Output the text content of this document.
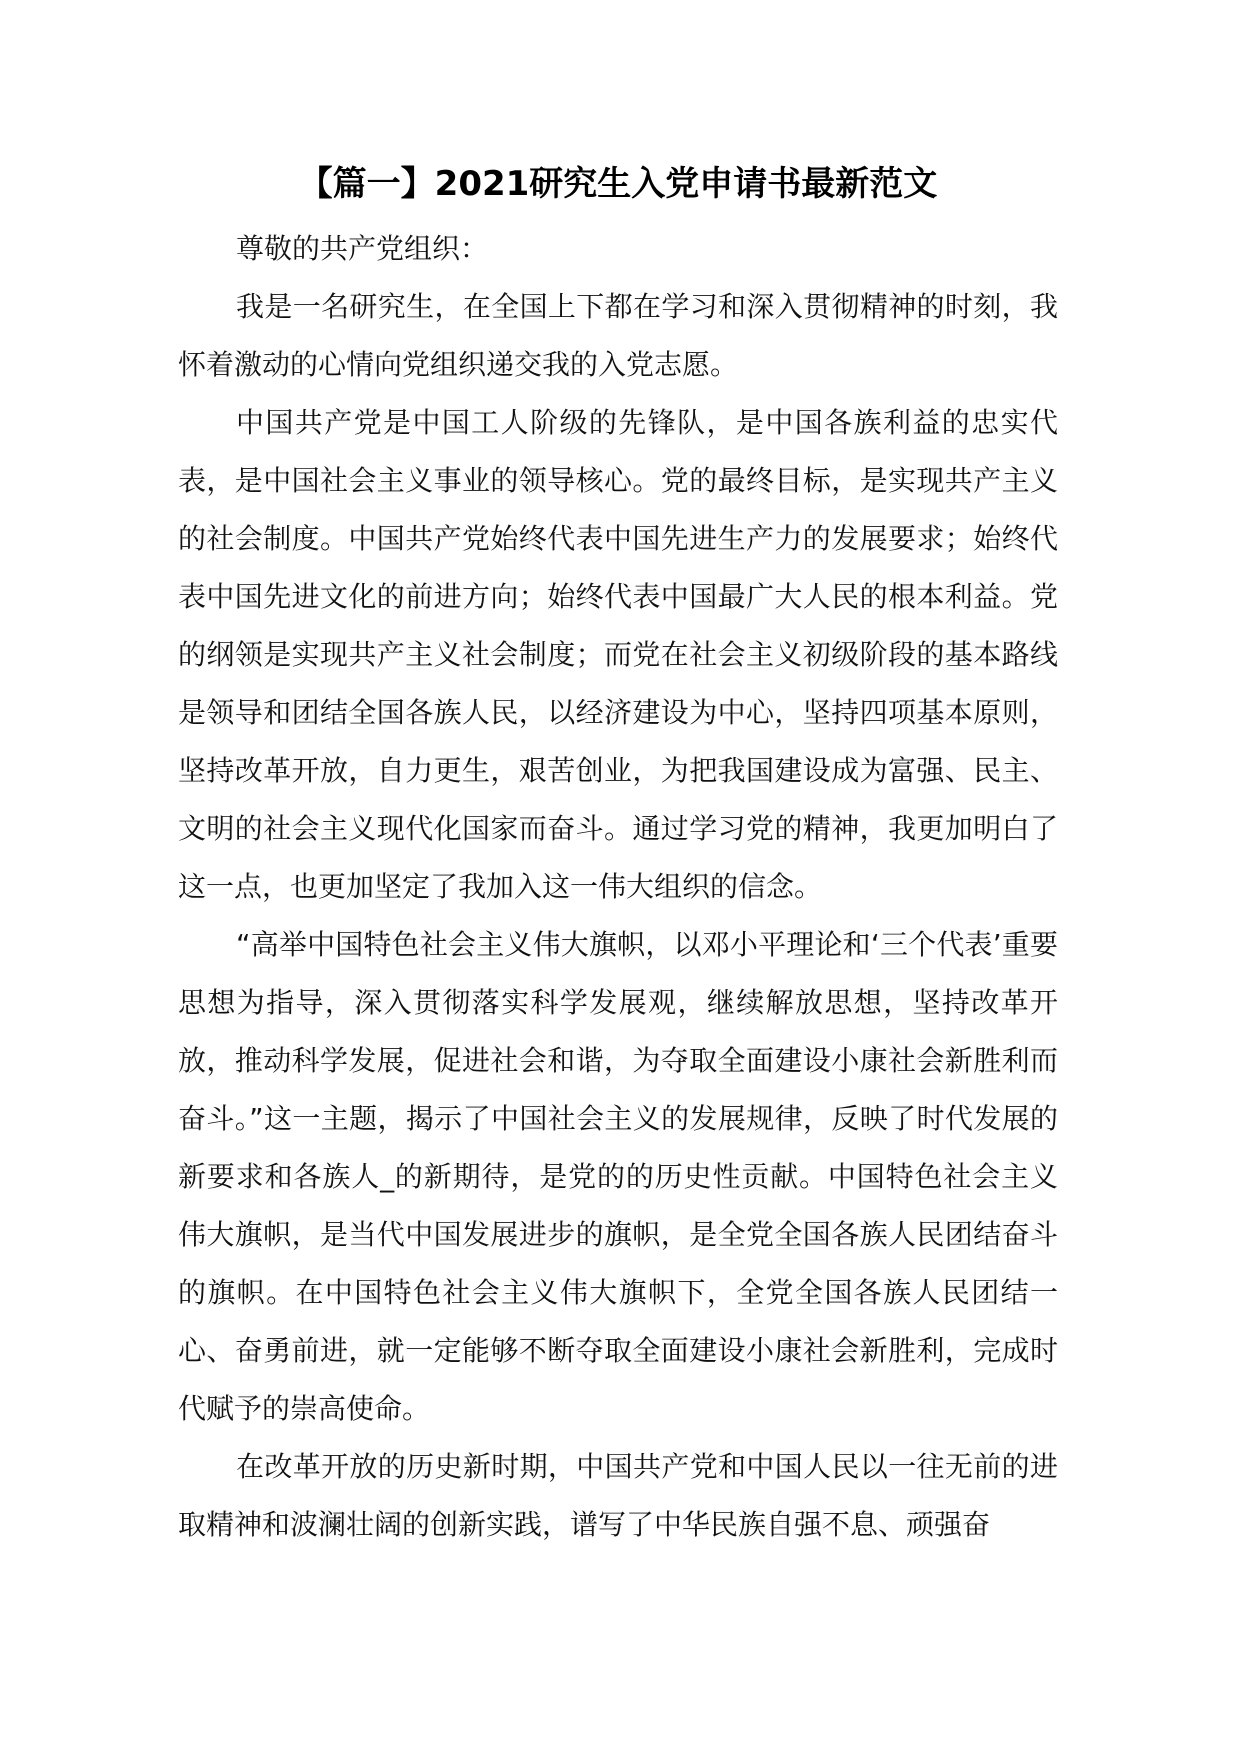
【篇一】2021研究生入党申请书最新范文

尊敬的共产党组织：

我是一名研究生，在全国上下都在学习和深入贯彻精神的时刻，我怀着激动的心情向党组织递交我的入党志愿。

中国共产党是中国工人阶级的先锋队，是中国各族利益的忠实代表，是中国社会主义事业的领导核心。党的最终目标，是实现共产主义的社会制度。中国共产党始终代表中国先进生产力的发展要求；始终代表中国先进文化的前进方向；始终代表中国最广大人民的根本利益。党的纲领是实现共产主义社会制度；而党在社会主义初级阶段的基本路线是领导和团结全国各族人民，以经济建设为中心，坚持四项基本原则，坚持改革开放，自力更生，艰苦创业，为把我国建设成为富强、民主、文明的社会主义现代化国家而奋斗。通过学习党的精神，我更加明白了这一点，也更加坚定了我加入这一伟大组织的信念。

“高举中国特色社会主义伟大旗帜，以邓小平理论和‘三个代表’重要思想为指导，深入贯彻落实科学发展观，继续解放思想，坚持改革开放，推动科学发展，促进社会和谐，为夺取全面建设小康社会新胜利而奋斗。”这一主题，揭示了中国社会主义的发展规律，反映了时代发展的新要求和各族人_的新期待，是党的的历史性贡献。中国特色社会主义伟大旗帜，是当代中国发展进步的旗帜，是全党全国各族人民团结奋斗的旗帜。在中国特色社会主义伟大旗帜下，全党全国各族人民团结一心、奋勇前进，就一定能够不断夺取全面建设小康社会新胜利，完成时代赋予的崇高使命。

在改革开放的历史新时期，中国共产党和中国人民以一往无前的进取精神和波澜壮阔的创新实践，谱写了中华民族自强不息、顽强奋
